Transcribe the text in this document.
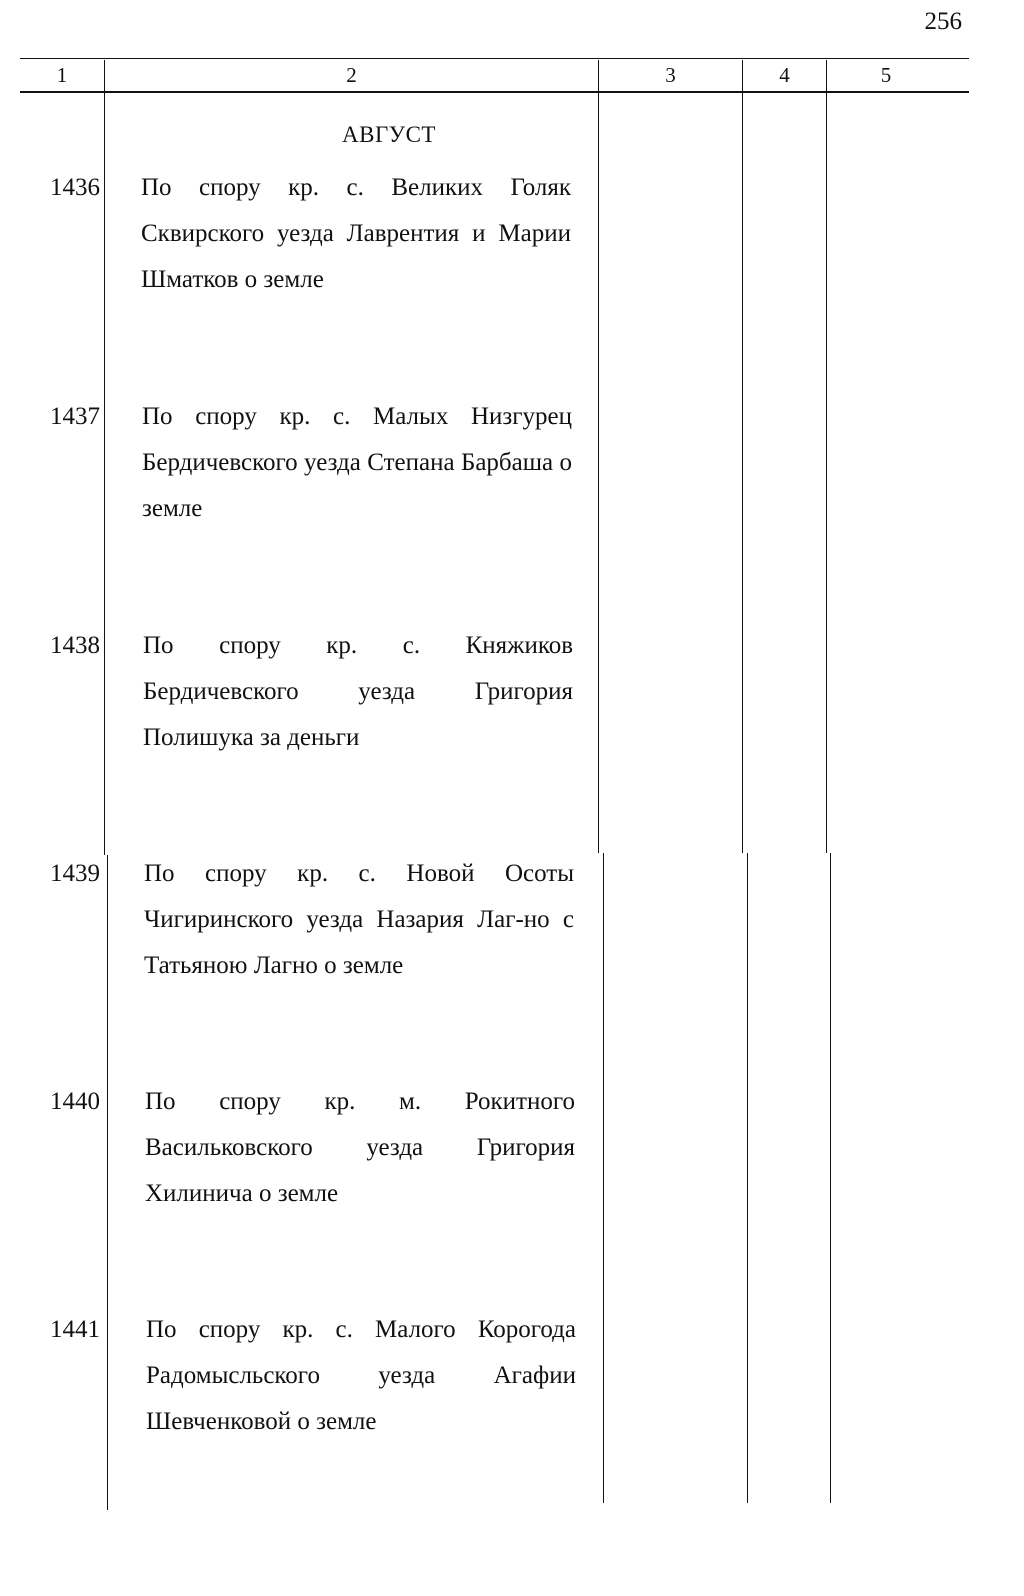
256
1	2	3	4	5
АВГУСТ
1436 По спору кр. с. Великих Голяк Сквирского уезда Лаврентия и Марии Шматков о земле
1437 По спору кр. с. Малых Низгурец Бердичевского уезда Степана Барбаша о земле
1438 По спору кр. с. Княжиков Бердичевского уезда Григория Полишука за деньги
1439 По спору кр. с. Новой Осоты Чигиринского уезда Назария Лаг-но с Татьяною Лагно о земле
1440 По спору кр. м. Рокитного Васильковского уезда Григория Хилинича о земле
1441 По спору кр. с. Малого Корогода Радомысльского уезда Агафии Шевченковой о земле
